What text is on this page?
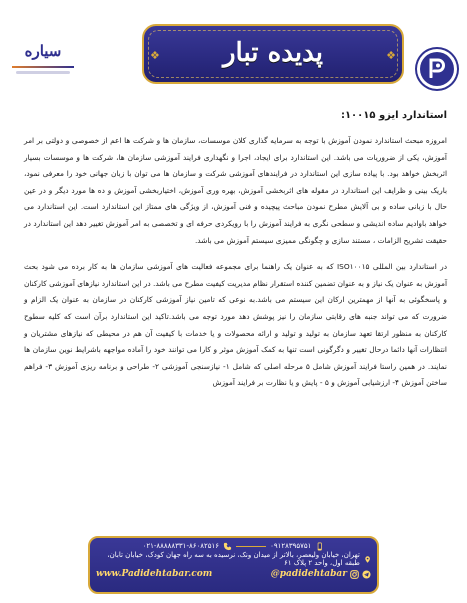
سیاره	❖	❖
پدیده تبار
استاندارد ایزو ۱۰۰۱۵:

امروزه مبحث استاندارد نمودن آموزش با توجه به سرمایه گذاری کلان موسسات، سازمان ها و شرکت ها اعم از خصوصی و دولتی بر امر آموزش، یکی از ضروریات می باشد. این استاندارد برای ایجاد، اجرا و نگهداری فرایند آموزشی سازمان ها، شرکت ها و موسسات بسیار اثربخش خواهد بود. با پیاده سازی این استاندارد در فرایندهای آموزشی شرکت و سازمان ها می توان با زبان جهانی خود را معرفی نمود، باریک بینی و ظرایف این استاندارد در مقوله های اثربخشی آموزش، بهره وری آموزش، اختیاربخشی آموزش و ده ها مورد دیگر و در عین حال با زبانی ساده و بی آلایش مطرح نمودن مباحث پیچیده و فنی آموزش، از ویژگی های ممتاز این استاندارد است. این استاندارد می خواهد باوادیم ساده اندیشی و سطحی نگری به فرایند آموزش را با رویکردی حرفه ای و تخصصی به امر آموزش تغییر دهد این استاندارد در حقیقت تشریح الزامات ، مستند سازی و چگونگی ممیزی سیستم آموزش می باشد.

در استاندارد بین المللی ISO۱۰۰۱۵ که به عنوان یک راهنما برای مجموعه فعالیت های آموزشی سازمان ها به کار برده می شود بحث آموزش به عنوان یک نیاز و به عنوان تضمین کننده استقرار نظام مدیریت کیفیت مطرح می باشد. در این استاندارد نیازهای آموزشی کارکنان و پاسخگوئی به آنها از مهمترین ارکان این سیستم می باشد.به نوعی که تامین نیاز آموزشی کارکنان در سازمان به عنوان یک الزام و ضرورت که می تواند جنبه های رقابتی سازمان را نیز پوشش دهد مورد توجه می باشد.تاکید این استاندارد برآن است که کلیه سطوح کارکنان به منظور ارتقا تعهد سازمان به تولید و تولید و ارائه محصولات و یا خدمات با کیفیت آن هم در محیطی که نیازهای مشتریان و انتظارات آنها دائما درحال تغییر و دگرگونی است تنها به کمک آموزش موثر و کارا می توانند خود را آماده مواجهه باشرایط نوین سازمان ها نمایند. در همین راستا فرایند آموزش شامل ۵ مرحله اصلی که شامل ۱- نیازسنجی آموزشی ۲- طراحی و برنامه ریزی آموزش ۳- فراهم ساختن آموزش ۴- ارزشیابی آموزش و ۵ - پایش و یا نظارت بر فرایند آموزش

۰۲۱-۸۸۸۸۸۳۳۱-۸۶۰۸۲۵۱۶	۰۹۱۲۸۳۹۵۷۵۱
تهران، خیابان ولیعصر، بالاتر از میدان ونک، نرسیده به سه راه جهان کودک، خیابان تابان، طبقه اول، واحد ۲ پلاک ۶۱
www.Padidehtabar.com	@padidehtabar
